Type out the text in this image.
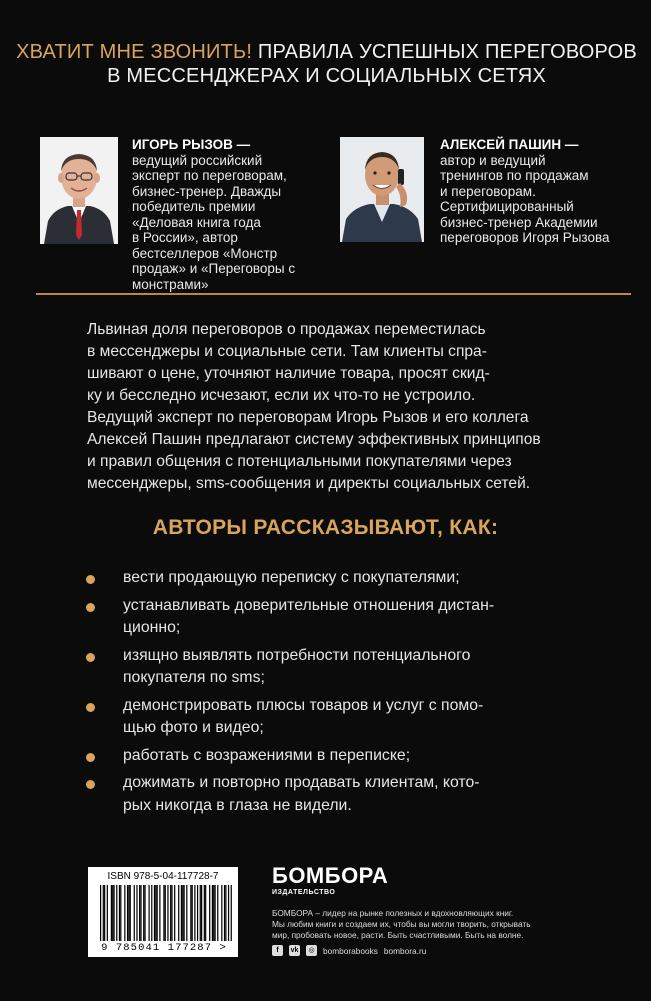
ХВАТИТ МНЕ ЗВОНИТЬ! ПРАВИЛА УСПЕШНЫХ ПЕРЕГОВОРОВ
В МЕССЕНДЖЕРАХ И СОЦИАЛЬНЫХ СЕТЯХ
ИГОРЬ РЫЗОВ —
ведущий российский
эксперт по переговорам,
бизнес-тренер. Дважды
победитель премии
«Деловая книга года
в России», автор
бестселлеров «Монстр
продаж» и «Переговоры с
монстрами»
АЛЕКСЕЙ ПАШИН —
автор и ведущий
тренингов по продажам
и переговорам.
Сертифицированный
бизнес-тренер Академии
переговоров Игоря Рызова
Львиная доля переговоров о продажах переместилась
в мессенджеры и социальные сети. Там клиенты спра-
шивают о цене, уточняют наличие товара, просят скид-
ку и бесследно исчезают, если их что-то не устроило.
Ведущий эксперт по переговорам Игорь Рызов и его коллега
Алексей Пашин предлагают систему эффективных принципов
и правил общения с потенциальными покупателями через
мессенджеры, sms-сообщения и директы социальных сетей.
АВТОРЫ РАССКАЗЫВАЮТ, КАК:
вести продающую переписку с покупателями;
устанавливать доверительные отношения дистан-
ционно;
изящно выявлять потребности потенциального
покупателя по sms;
демонстрировать плюсы товаров и услуг с помо-
щью фото и видео;
работать с возражениями в переписке;
дожимать и повторно продавать клиентам, кото-
рых никогда в глаза не видели.
ISBN 978-5-04-117728-7
9 785041 177287 >
БОМБОРА
ИЗДАТЕЛЬСТВО
БОМБОРА – лидер на рынке полезных и вдохновляющих книг.
Мы любим книги и создаем их, чтобы вы могли творить, открывать
мир, пробовать новое, расти. Быть счастливыми. Быть на волне.
f	vk	◎ bomborabooks bombora.ru
